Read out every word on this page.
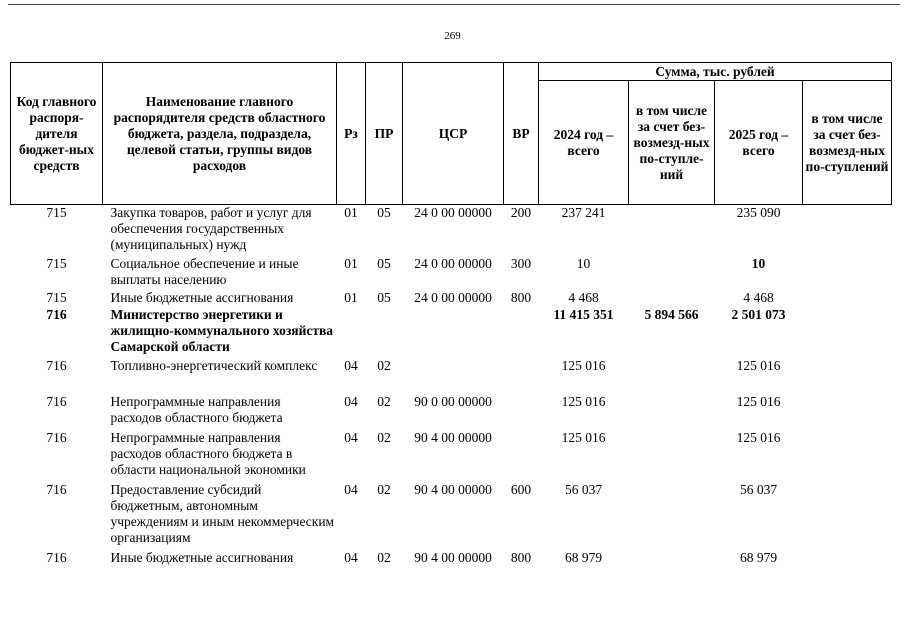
269
Код главного распоря-дителя бюджет-ных средств	Наименование главного распорядителя средств областного бюджета, раздела, подраздела, целевой статьи, группы видов расходов	Рз	ПР	ЦСР	ВР	Сумма, тыс. рублей			
						2024 год – всего	в том числе за счет без-возмезд-ных по-ступле-ний	2025 год – всего	в том числе за счет без-возмезд-ных по-ступлений
715	Закупка товаров, работ и услуг для обеспечения государственных (муниципальных) нужд	01	05	24 0 00 00000	200	237 241		235 090	
715	Социальное обеспечение и иные выплаты населению	01	05	24 0 00 00000	300	10		10	
715	Иные бюджетные ассигнования	01	05	24 0 00 00000	800	4 468		4 468	
716	Министерство энергетики и жилищно-коммунального хозяйства Самарской области					11 415 351	5 894 566	2 501 073	
716	Топливно-энергетический комплекс	04	02			125 016		125 016	
716	Непрограммные направления расходов областного бюджета	04	02	90 0 00 00000		125 016		125 016	
716	Непрограммные направления расходов областного бюджета в области национальной экономики	04	02	90 4 00 00000		125 016		125 016	
716	Предоставление субсидий бюджетным, автономным учреждениям и иным некоммерческим организациям	04	02	90 4 00 00000	600	56 037		56 037	
716	Иные бюджетные ассигнования	04	02	90 4 00 00000	800	68 979		68 979	
